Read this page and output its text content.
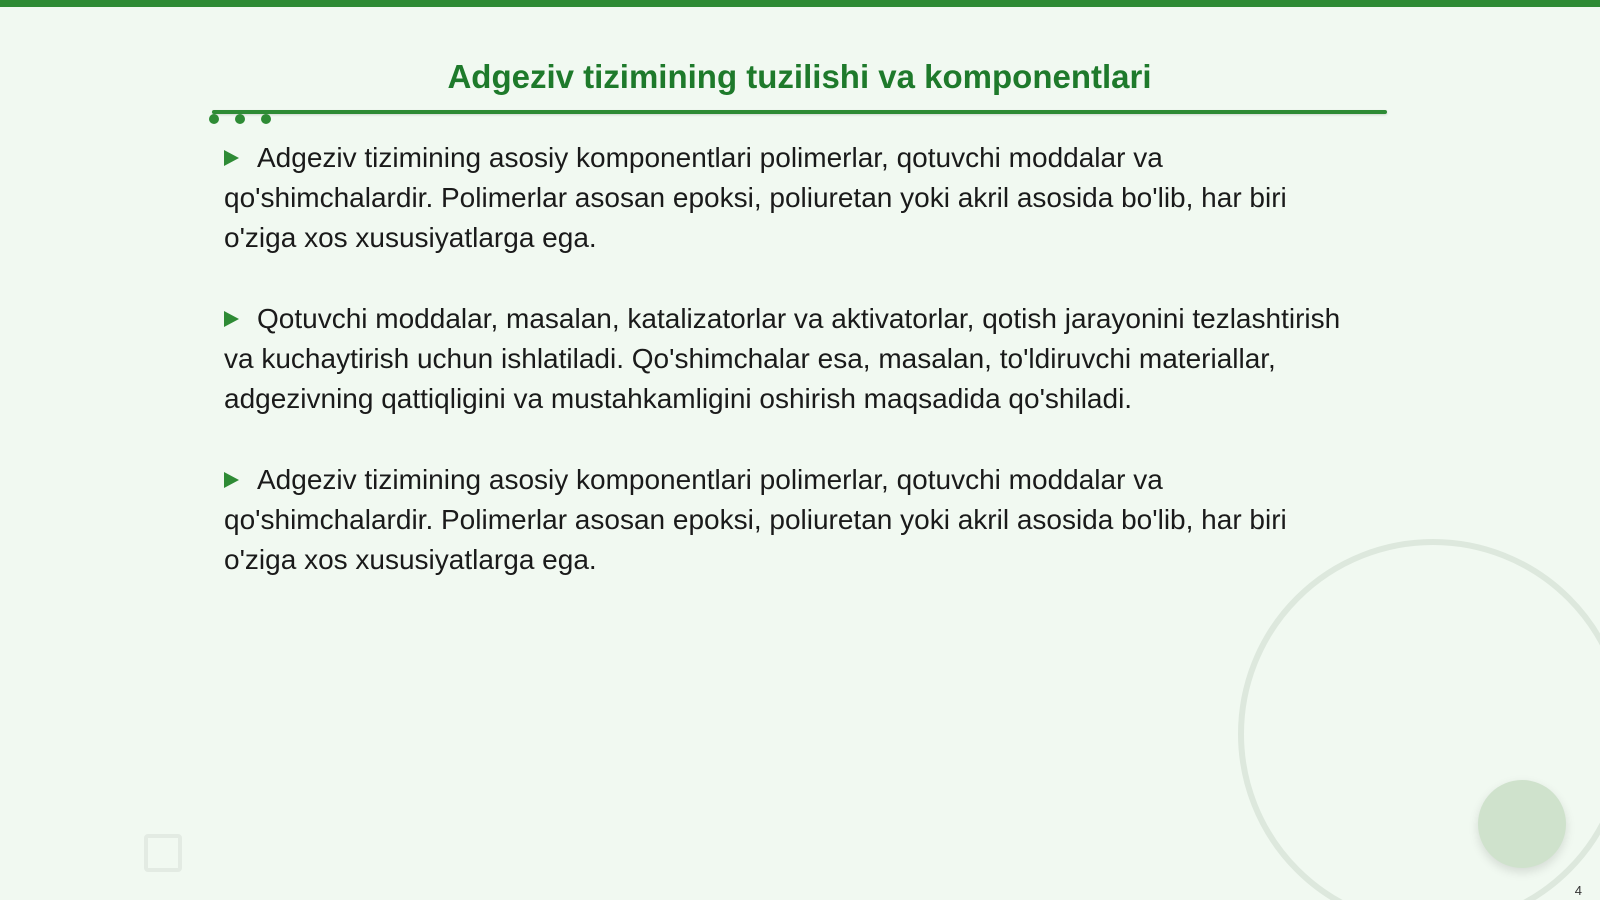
Adgeziv tizimining tuzilishi va komponentlari

Adgeziv tizimining asosiy komponentlari polimerlar, qotuvchi moddalar va qo'shimchalardir. Polimerlar asosan epoksi, poliuretan yoki akril asosida bo'lib, har biri o'ziga xos xususiyatlarga ega.

Qotuvchi moddalar, masalan, katalizatorlar va aktivatorlar, qotish jarayonini tezlashtirish va kuchaytirish uchun ishlatiladi. Qo'shimchalar esa, masalan, to'ldiruvchi materiallar, adgezivning qattiqligini va mustahkamligini oshirish maqsadida qo'shiladi.

Adgeziv tizimining asosiy komponentlari polimerlar, qotuvchi moddalar va qo'shimchalardir. Polimerlar asosan epoksi, poliuretan yoki akril asosida bo'lib, har biri o'ziga xos xususiyatlarga ega.

4
